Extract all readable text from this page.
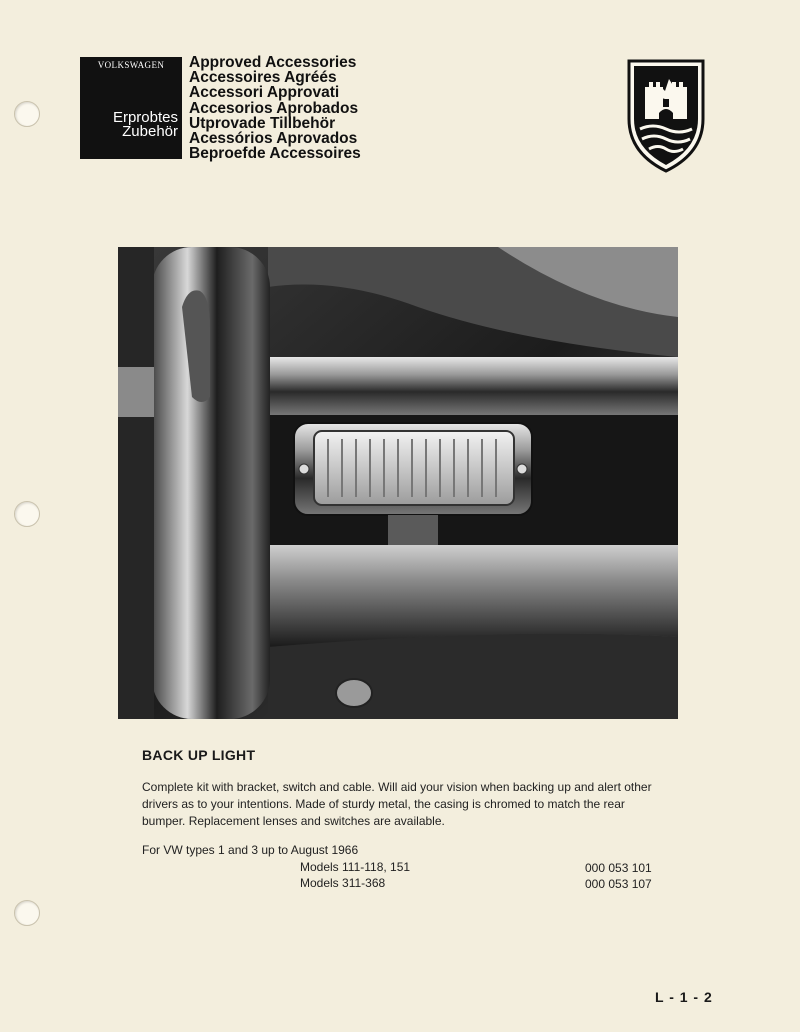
VOLKSWAGEN
Erprobtes
Zubehör
Approved Accessories
Accessoires Agréés
Accessori Approvati
Accesorios Aprobados
Utprovade Tillbehör
Acessórios Aprovados
Beproefde Accessoires
BACK UP LIGHT

Complete kit with bracket, switch and cable. Will aid your vision when backing up and alert other drivers as to your intentions. Made of sturdy metal, the casing is chromed to match the rear bumper. Replacement lenses and switches are available.

For VW types 1 and 3 up to August 1966
Models 111-118, 151	000 053 101
Models 311-368	000 053 107
L - 1 - 2
